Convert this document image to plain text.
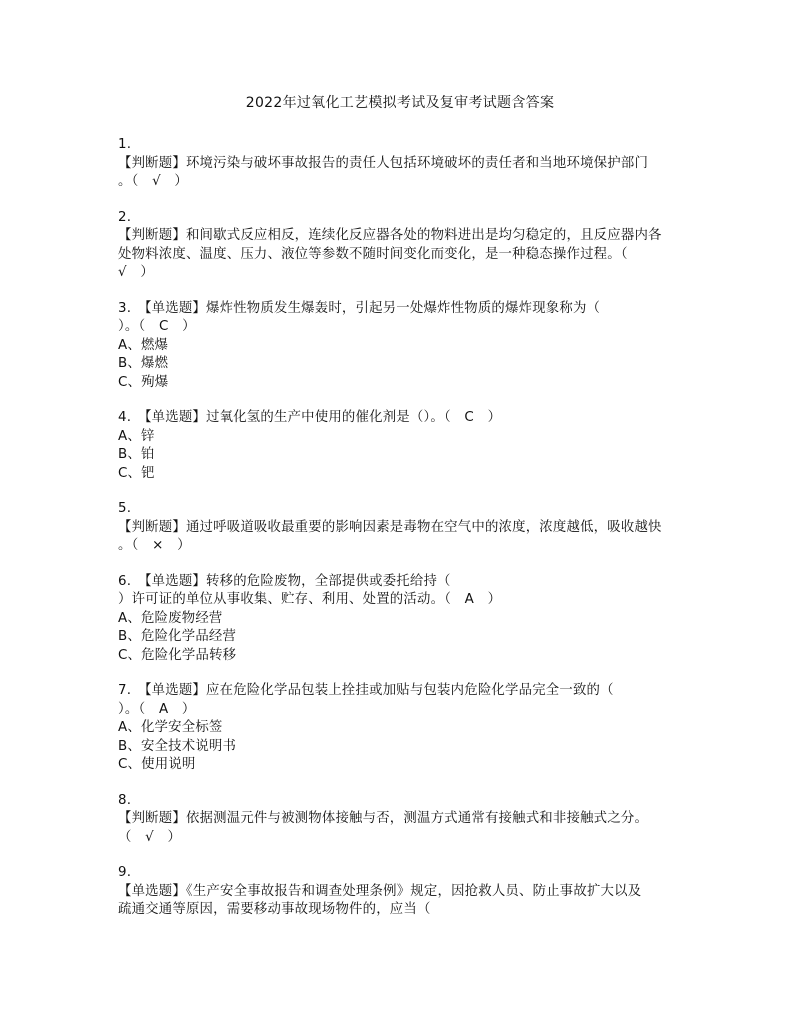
2022年过氧化工艺模拟考试及复审考试题含答案
1.
【判断题】环境污染与破坏事故报告的责任人包括环境破坏的责任者和当地环境保护部门
。（　√　）
2.
【判断题】和间歇式反应相反，连续化反应器各处的物料进出是均匀稳定的，且反应器内各
处物料浓度、温度、压力、液位等参数不随时间变化而变化，是一种稳态操作过程。（
√　）
3.　【单选题】爆炸性物质发生爆轰时，引起另一处爆炸性物质的爆炸现象称为（
）。（　C　）
A、燃爆
B、爆燃
C、殉爆
4.　【单选题】过氧化氢的生产中使用的催化剂是（）。（　C　）
A、锌
B、铂
C、钯
5.
【判断题】通过呼吸道吸收最重要的影响因素是毒物在空气中的浓度，浓度越低，吸收越快
。（　×　）
6.　【单选题】转移的危险废物，全部提供或委托给持（
）许可证的单位从事收集、贮存、利用、处置的活动。（　A　）
A、危险废物经营
B、危险化学品经营
C、危险化学品转移
7.　【单选题】应在危险化学品包装上拴挂或加贴与包装内危险化学品完全一致的（
）。（　A　）
A、化学安全标签
B、安全技术说明书
C、使用说明
8.
【判断题】依据测温元件与被测物体接触与否，测温方式通常有接触式和非接触式之分。
（　√　）
9.
【单选题】《生产安全事故报告和调查处理条例》规定，因抢救人员、防止事故扩大以及
疏通交通等原因，需要移动事故现场物件的，应当（
